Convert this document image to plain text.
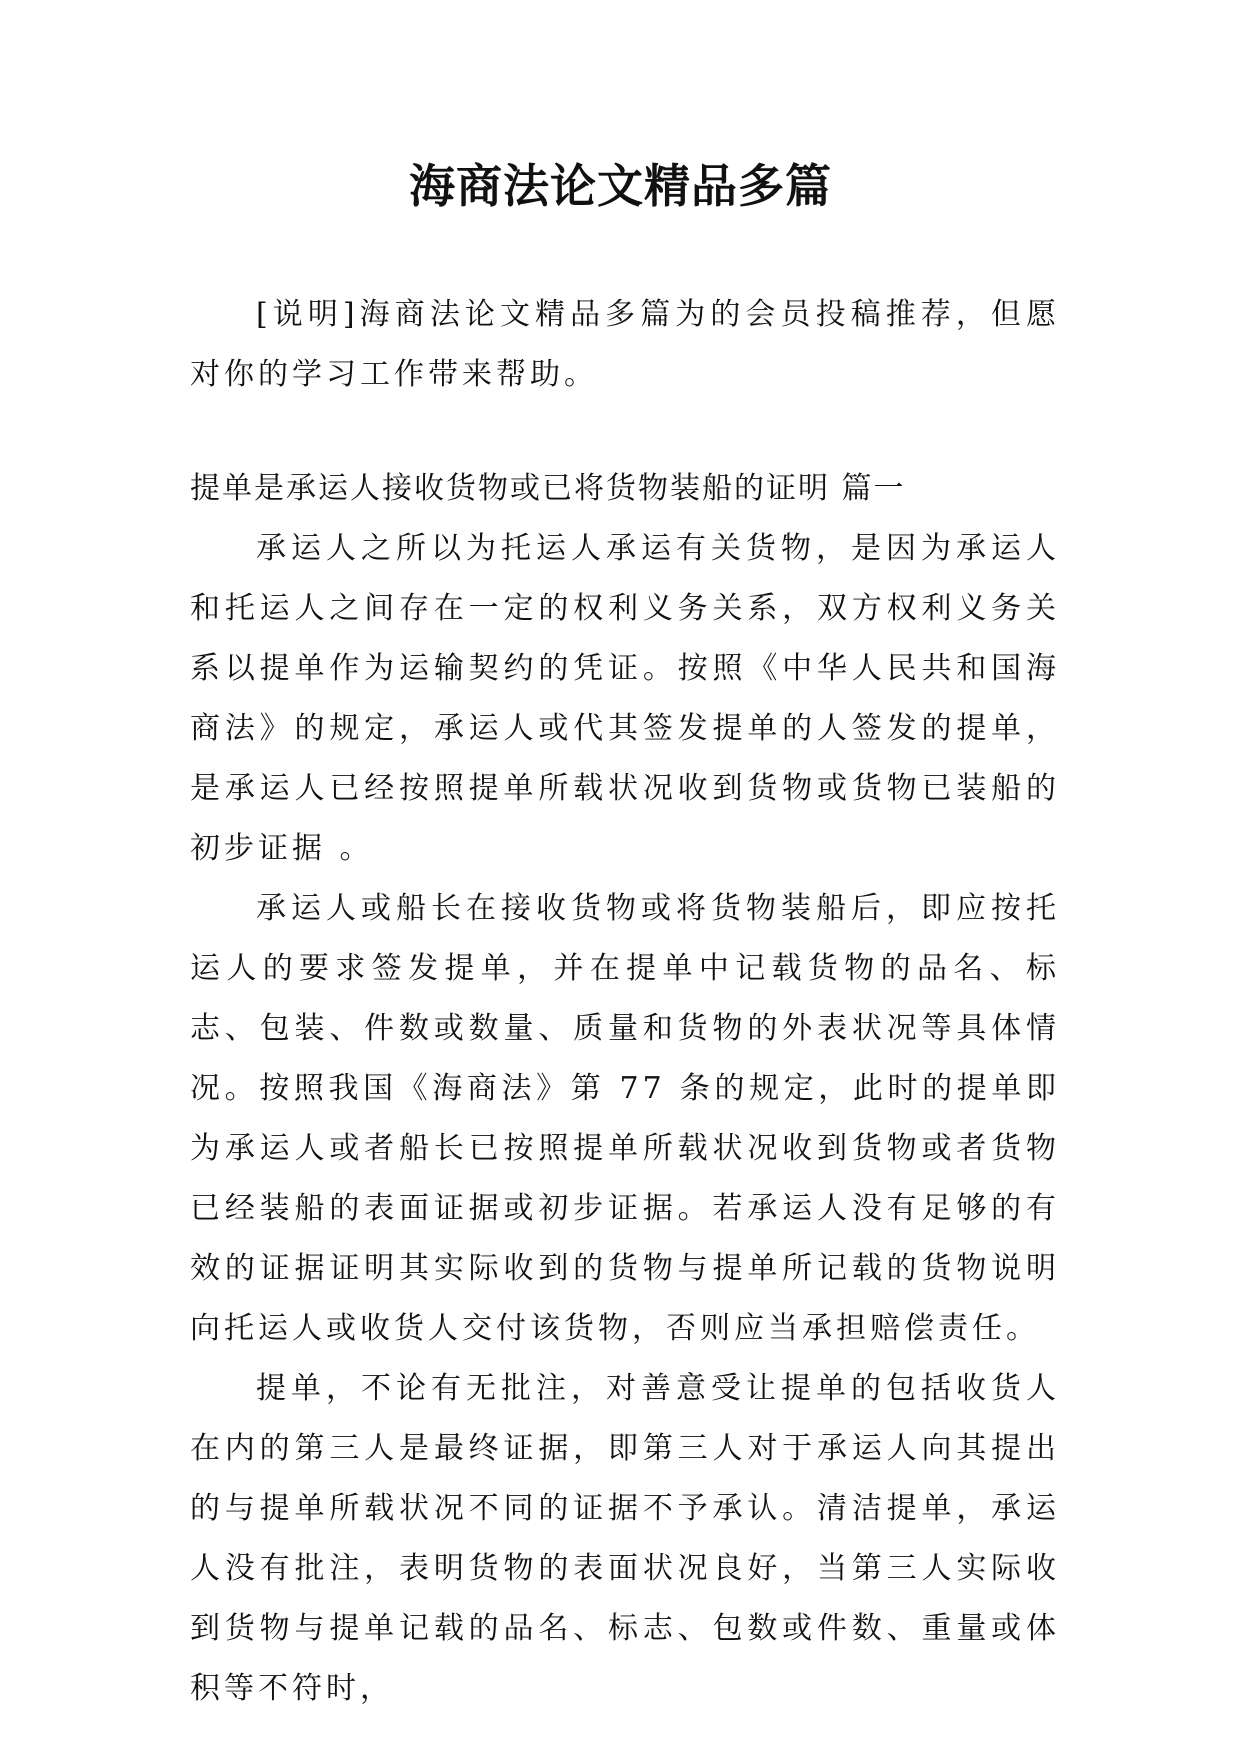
海商法论文精品多篇

[说明]海商法论文精品多篇为的会员投稿推荐，但愿对你的学习工作带来帮助。

提单是承运人接收货物或已将货物装船的证明 篇一

承运人之所以为托运人承运有关货物，是因为承运人和托运人之间存在一定的权利义务关系，双方权利义务关系以提单作为运输契约的凭证。按照《中华人民共和国海商法》的规定，承运人或代其签发提单的人签发的提单，是承运人已经按照提单所载状况收到货物或货物已装船的初步证据 。

承运人或船长在接收货物或将货物装船后，即应按托运人的要求签发提单，并在提单中记载货物的品名、标志、包装、件数或数量、质量和货物的外表状况等具体情况。按照我国《海商法》第 77 条的规定，此时的提单即为承运人或者船长已按照提单所载状况收到货物或者货物已经装船的表面证据或初步证据。若承运人没有足够的有效的证据证明其实际收到的货物与提单所记载的货物说明向托运人或收货人交付该货物，否则应当承担赔偿责任。

提单，不论有无批注，对善意受让提单的包括收货人在内的第三人是最终证据，即第三人对于承运人向其提出的与提单所载状况不同的证据不予承认。清洁提单，承运人没有批注，表明货物的表面状况良好，当第三人实际收到货物与提单记载的品名、标志、包数或件数、重量或体积等不符时，
